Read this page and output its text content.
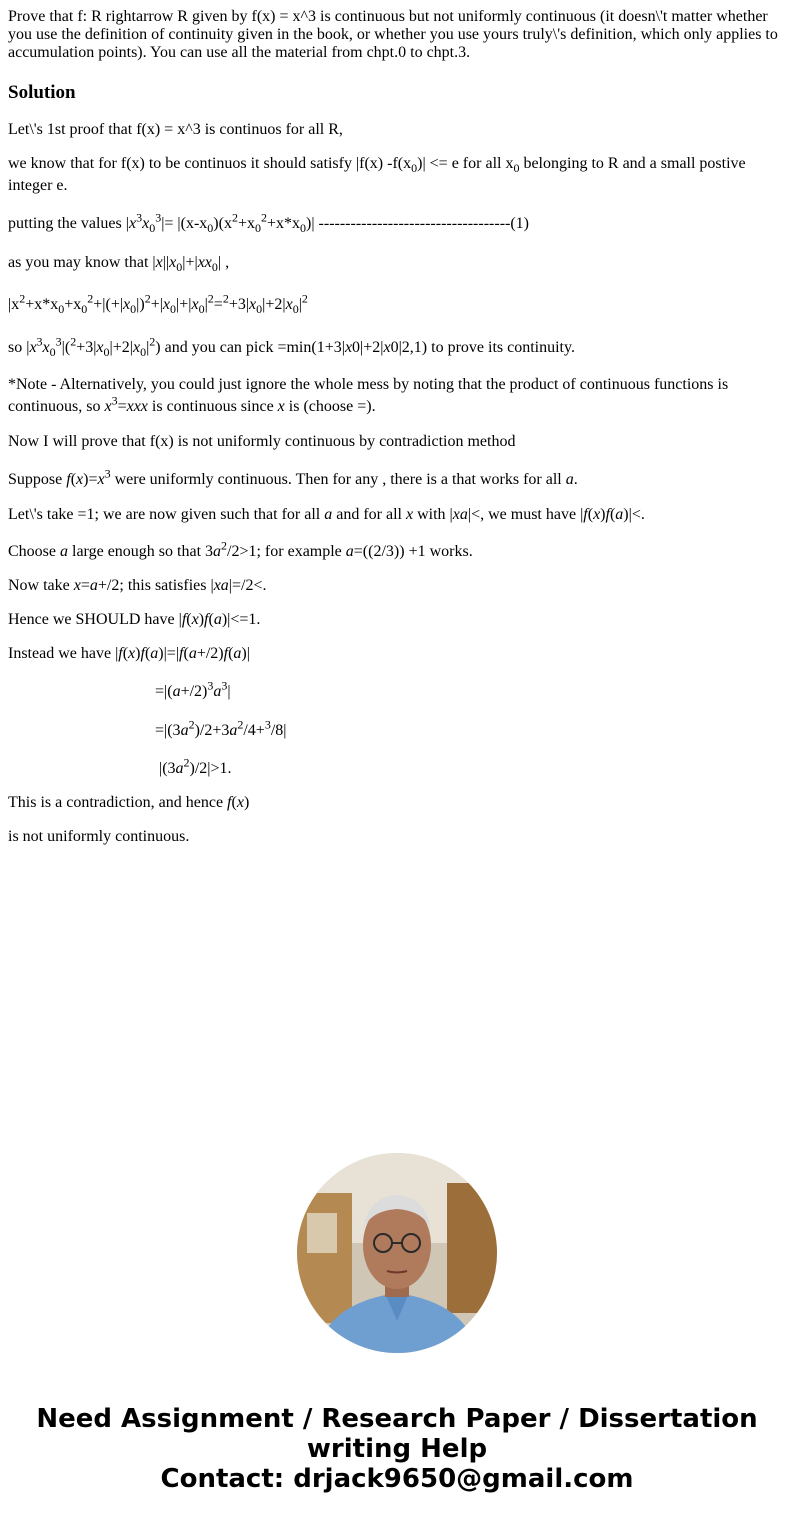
Prove that f: R rightarrow R given by f(x) = x^3 is continuous but not uniformly continuous (it doesn\'t matter whether you use the definition of continuity given in the book, or whether you use yours truly\'s definition, which only applies to accumulation points). You can use all the material from chpt.0 to chpt.3.

Solution
Let\'s 1st proof that f(x) = x^3 is continuos for all R,
we know that for f(x) to be continuos it should satisfy |f(x) $-f(x_0)| <= e$ for all $x_0$ belonging to R and a small postive integer e.
putting the values $|x^3x_0^3|= |(x-x_0)(x^2+x_0^2+x*x_0)|$ ------------------------------------(1)
as you may know that $|x||x_0|+|xx_0|$ ,
$|x^2+x*x_0+x_0^2+|(+|x_0|)^2+|x_0|+|x_0|^2=^2+3|x_0|+2|x_0|^2$
so $|x^3x_0^3|(^2+3|x_0|+2|x_0|^2)$ and you can pick =min(1+3|x0|+2|x0|2,1) to prove its continuity.
*Note - Alternatively, you could just ignore the whole mess by noting that the product of continuous functions is continuous, so $x^3=xxx$ is continuous since x is (choose =).
Now I will prove that f(x) is not uniformly continuous by contradiction method
Suppose $f(x)=x^3$ were uniformly continuous. Then for any , there is a that works for all a.
Let\'s take =1; we are now given such that for all a and for all x with |xa|<, we must have |f(x)f(a)|<.
Choose a large enough so that $3a^2/2>1$; for example a=((2/3)) +1 works.
Now take x=a+/2; this satisfies |xa|=/2<.
Hence we SHOULD have |f(x)f(a)|<=1.
Instead we have |f(x)f(a)|=|f(a+/2)f(a)|
$=|(a+/2)^3a^3|$
$=|(3a^2)/2+3a^2/4+^3/8|$
$|(3a^2)/2|>1$.
This is a contradiction, and hence f(x)
is not uniformly continuous.
Need Assignment / Research Paper / Dissertation
writing Help
Contact: drjack9650@gmail.com
